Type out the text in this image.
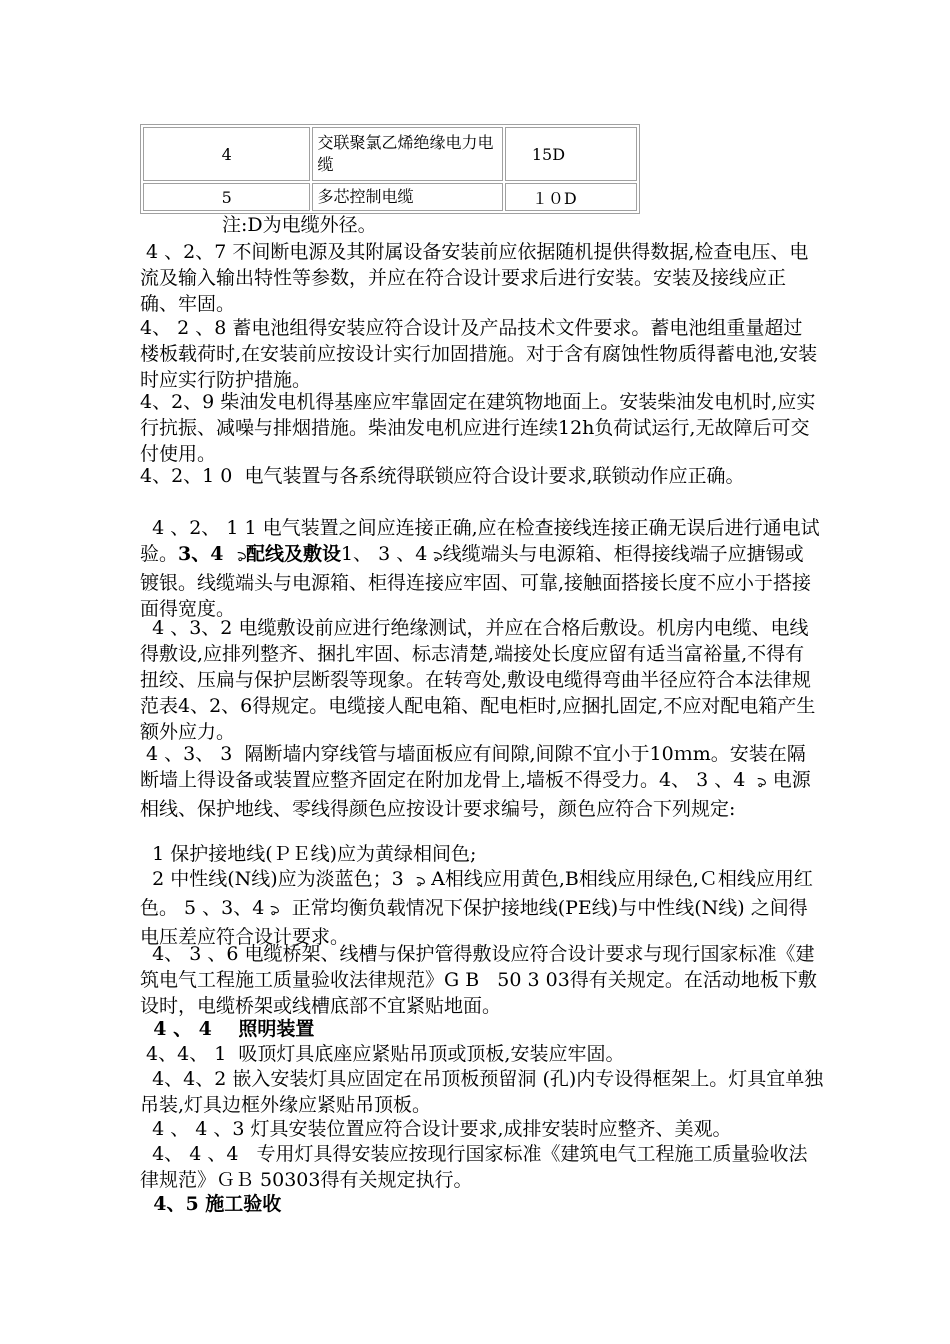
4	交联聚氯乙烯绝缘电力电缆	15D
5	多芯控制电缆	１０D

注:D为电缆外径。

4 、2、7 不间断电源及其附属设备安装前应依据随机提供得数据,检查电压、电流及输入输出特性等参数，并应在符合设计要求后进行安装。安装及接线应正确、牢固。

4、 2 、8 蓄电池组得安装应符合设计及产品技术文件要求。蓄电池组重量超过楼板载荷时,在安装前应按设计实行加固措施。对于含有腐蚀性物质得蓄电池,安装时应实行防护措施。

4、2、9 柴油发电机得基座应牢靠固定在建筑物地面上。安装柴油发电机时,应实行抗振、减噪与排烟措施。柴油发电机应进行连续12h负荷试运行,无故障后可交付使用。

4、2、1 0  电气装置与各系统得联锁应符合设计要求,联锁动作应正确。

4 、2、 1 1 电气装置之间应连接正确,应在检查接线连接正确无误后进行通电试验。3、4  ఎ配线及敷设1、 3 、4 ఎ线缆端头与电源箱、柜得接线端子应搪锡或镀银。线缆端头与电源箱、柜得连接应牢固、可靠,接触面搭接长度不应小于搭接面得宽度。

4 、3、2 电缆敷设前应进行绝缘测试，并应在合格后敷设。机房内电缆、电线得敷设,应排列整齐、捆扎牢固、标志清楚,端接处长度应留有适当富裕量,不得有扭绞、压扁与保护层断裂等现象。在转弯处,敷设电缆得弯曲半径应符合本法律规范表4、2、6得规定。电缆接人配电箱、配电柜时,应捆扎固定,不应对配电箱产生额外应力。

4 、3、 3  隔断墙内穿线管与墙面板应有间隙,间隙不宜小于10ｍm。安装在隔断墙上得设备或装置应整齐固定在附加龙骨上,墙板不得受力。4、 3 、4  ఎ 电源相线、保护地线、零线得颜色应按设计要求编号，颜色应符合下列规定:

1 保护接地线(ＰＥ线)应为黄绿相间色;

2 中性线(N线)应为淡蓝色；3  ఎ A相线应用黄色,B相线应用绿色,Ｃ相线应用红色。 5 、3、4 ఎ  正常均衡负载情况下保护接地线(PE线)与中性线(N线) 之间得电压差应符合设计要求。

4、 3 、6 电缆桥架、线槽与保护管得敷设应符合设计要求与现行国家标准《建筑电气工程施工质量验收法律规范》G B   50 3 03得有关规定。在活动地板下敷设时，电缆桥架或线槽底部不宜紧贴地面。

4 、 4    照明装置

4、4、 1  吸顶灯具底座应紧贴吊顶或顶板,安装应牢固。

4、4、2 嵌入安装灯具应固定在吊顶板预留洞 (孔)内专设得框架上。灯具宜单独吊装,灯具边框外缘应紧贴吊顶板。

4 、 4 、3 灯具安装位置应符合设计要求,成排安装时应整齐、美观。

4、 4 、4   专用灯具得安装应按现行国家标准《建筑电气工程施工质量验收法律规范》ＧＢ 50303得有关规定执行。

4、5 施工验收
